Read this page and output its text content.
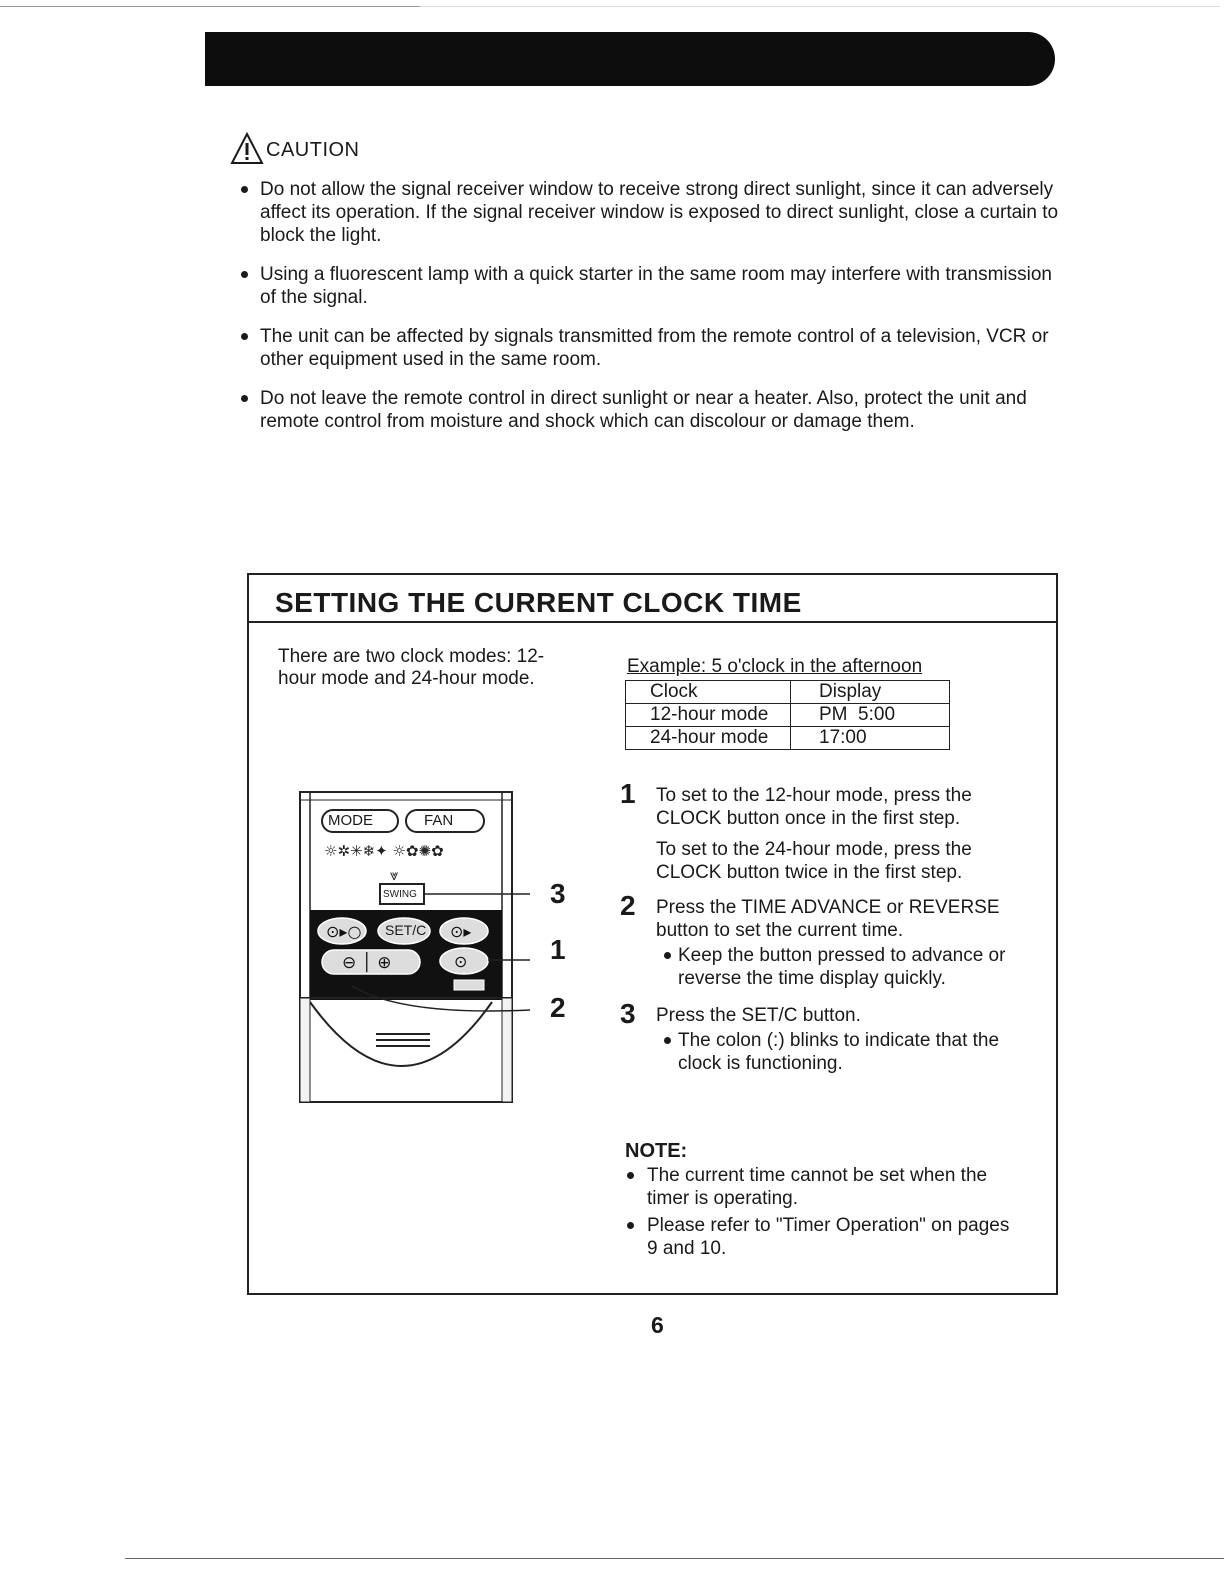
CAUTION
Do not allow the signal receiver window to receive strong direct sunlight, since it can adversely affect its operation. If the signal receiver window is exposed to direct sunlight, close a curtain to block the light.
Using a fluorescent lamp with a quick starter in the same room may interfere with transmission of the signal.
The unit can be affected by signals transmitted from the remote control of a television, VCR or other equipment used in the same room.
Do not leave the remote control in direct sunlight or near a heater. Also, protect the unit and remote control from moisture and shock which can discolour or damage them.
SETTING THE CURRENT CLOCK TIME
There are two clock modes: 12-hour mode and 24-hour mode.
Example: 5 o'clock in the afternoon
Clock	Display
12-hour mode	PM  5:00
24-hour mode	17:00
☼✲✳❄✦ ☼✿✺✿
⩔
⊙▸○	⊙▸
⊖ │ ⊕	⊙
MODE	FAN
SWING
SET/C
3
1
2
1 To set to the 12-hour mode, press the CLOCK button once in the first step.

To set to the 24-hour mode, press the CLOCK button twice in the first step.

2 Press the TIME ADVANCE or REVERSE button to set the current time.

Keep the button pressed to advance or reverse the time display quickly.
3 Press the SET/C button.

The colon (:) blinks to indicate that the clock is functioning.
NOTE:
The current time cannot be set when the timer is operating.
Please refer to "Timer Operation" on pages 9 and 10.
6
